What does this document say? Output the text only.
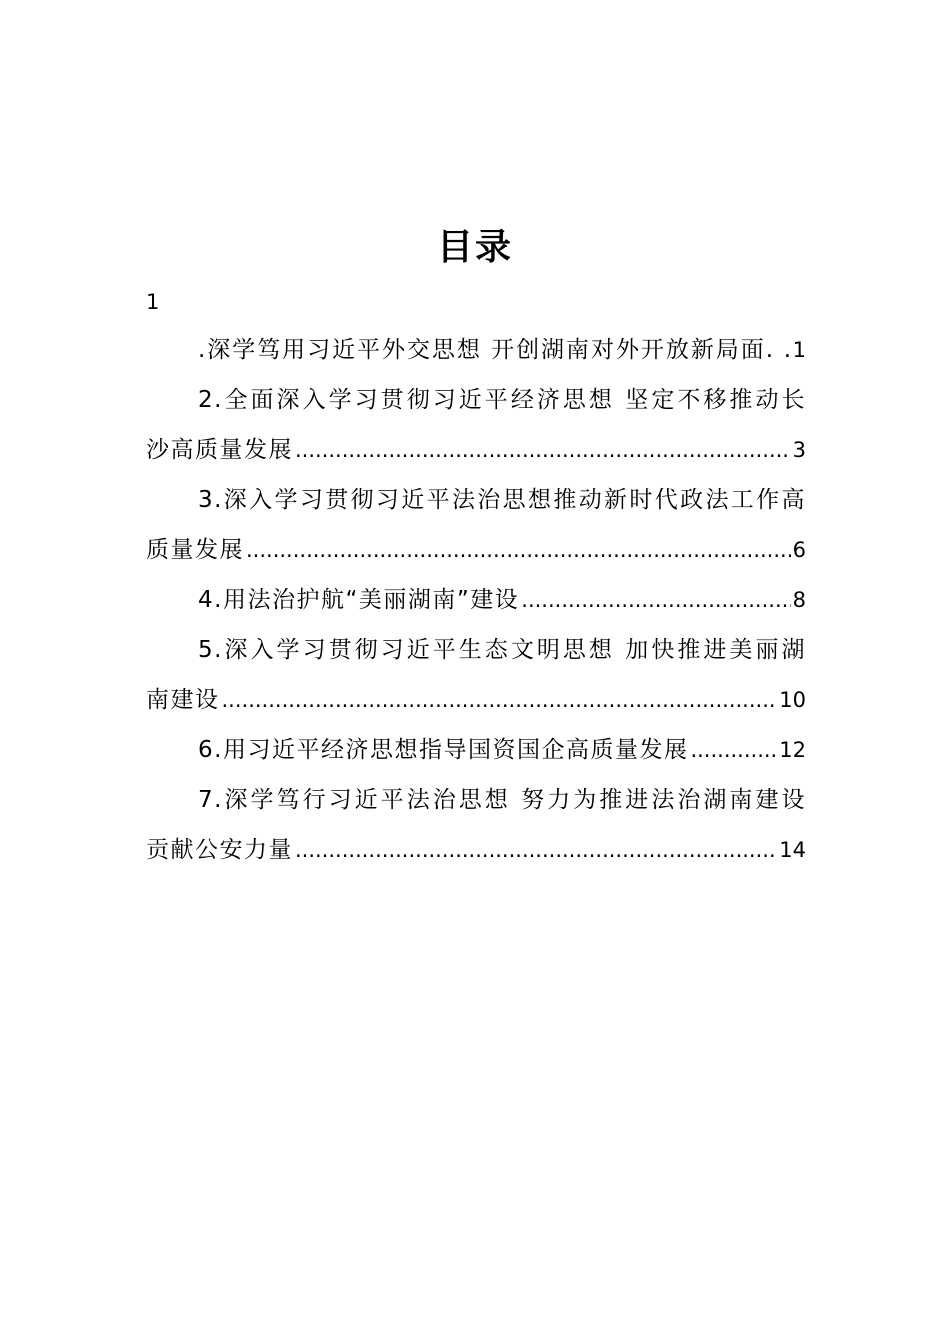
目录
1
.深学笃用习近平外交思想 开创湖南对外开放新局面. . 1
2.全面深入学习贯彻习近平经济思想 坚定不移推动长
沙高质量发展 .....	3
3.深入学习贯彻习近平法治思想推动新时代政法工作高
质量发展 .....	6
4.用法治护航“美丽湖南”建设 .....	8
5.深入学习贯彻习近平生态文明思想 加快推进美丽湖
南建设 .....	10
6.用习近平经济思想指导国资国企高质量发展 .....	12
7.深学笃行习近平法治思想 努力为推进法治湖南建设
贡献公安力量 .....	14
